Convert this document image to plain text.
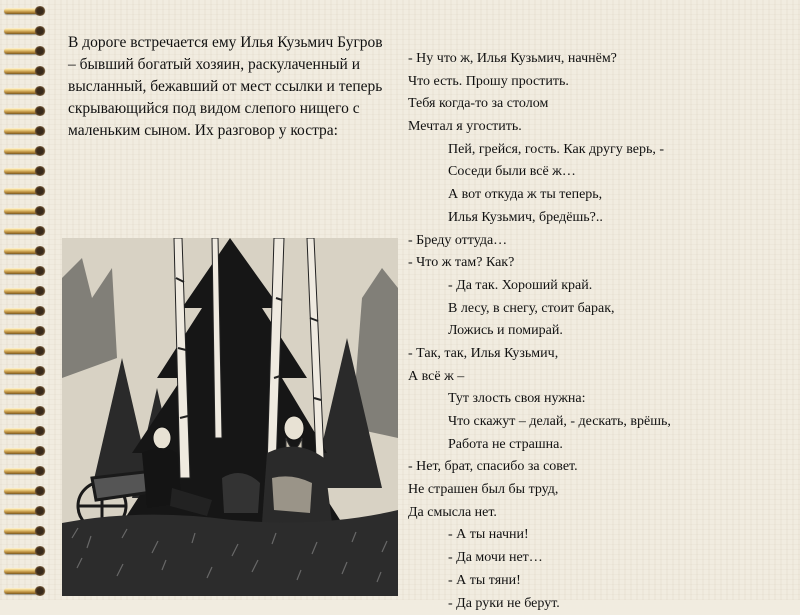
В дороге встречается ему Илья Кузьмич Бугров – бывший богатый хозяин, раскулаченный и высланный, бежавший от мест ссылки и теперь скрывающийся под видом слепого нищего с маленьким сыном. Их разговор у костра:

- Ну что ж, Илья Кузьмич, начнём?
Что есть. Прошу простить.
Тебя когда-то за столом
Мечтал я угостить.
Пей, грейся, гость. Как другу верь, -
Соседи были всё ж…
А вот откуда ж ты теперь,
Илья Кузьмич, бредёшь?..
- Бреду оттуда…
- Что ж там? Как?
- Да так. Хороший край.
В лесу, в снегу, стоит барак,
Ложись и помирай.
- Так, так, Илья Кузьмич,
А всё ж –
Тут злость своя нужна:
Что скажут – делай, - дескать, врёшь,
Работа не страшна.
- Нет, брат, спасибо за совет.
Не страшен был бы труд,
Да смысла нет.
- А ты начни!
- Да мочи нет…
- А ты тяни!
- Да руки не берут.
